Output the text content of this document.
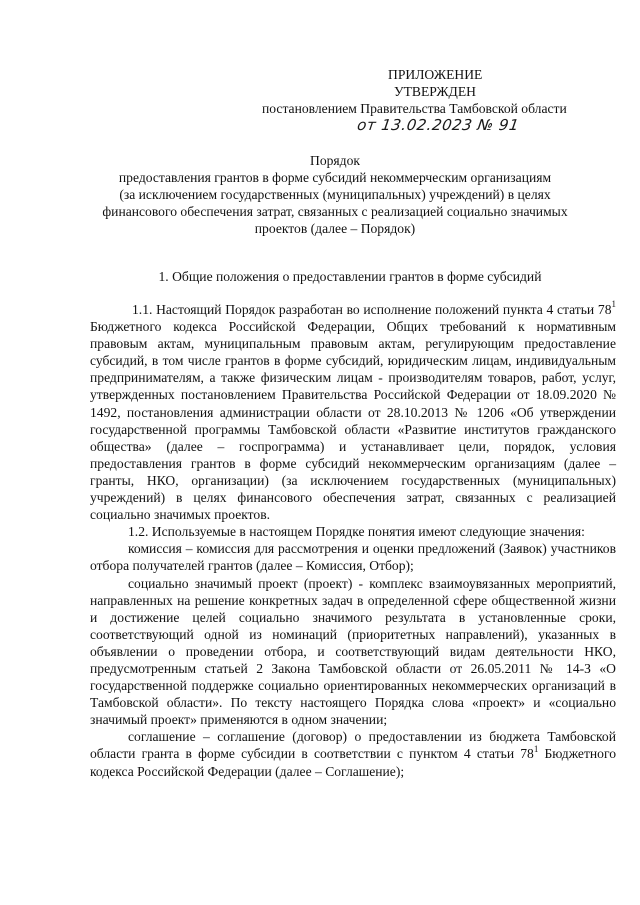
ПРИЛОЖЕНИЕ
УТВЕРЖДЕН
постановлением Правительства Тамбовской области
от 13.02.2023 № 91
Порядок
предоставления грантов в форме субсидий некоммерческим организациям
(за исключением государственных (муниципальных) учреждений) в целях
финансового обеспечения затрат, связанных с реализацией социально значимых
проектов (далее – Порядок)
1. Общие положения о предоставлении грантов в форме субсидий

1.1. Настоящий Порядок разработан во исполнение положений пункта 4 статьи $78^1$ Бюджетного кодекса Российской Федерации, Общих требований к нормативным правовым актам, муниципальным правовым актам, регулирующим предоставление субсидий, в том числе грантов в форме субсидий, юридическим лицам, индивидуальным предпринимателям, а также физическим лицам - производителям товаров, работ, услуг, утвержденных постановлением Правительства Российской Федерации от 18.09.2020 № 1492, постановления администрации области от 28.10.2013 № 1206 «Об утверждении государственной программы Тамбовской области «Развитие институтов гражданского общества» (далее – госпрограмма) и устанавливает цели, порядок, условия предоставления грантов в форме субсидий некоммерческим организациям (далее – гранты, НКО, организации) (за исключением государственных (муниципальных) учреждений) в целях финансового обеспечения затрат, связанных с реализацией социально значимых проектов.

1.2. Используемые в настоящем Порядке понятия имеют следующие значения:

комиссия – комиссия для рассмотрения и оценки предложений (Заявок) участников отбора получателей грантов (далее – Комиссия, Отбор);

социально значимый проект (проект) - комплекс взаимоувязанных мероприятий, направленных на решение конкретных задач в определенной сфере общественной жизни и достижение целей социально значимого результата в установленные сроки, соответствующий одной из номинаций (приоритетных направлений), указанных в объявлении о проведении отбора, и соответствующий видам деятельности НКО, предусмотренным статьей 2 Закона Тамбовской области от 26.05.2011 № 14-З «О государственной поддержке социально ориентированных некоммерческих организаций в Тамбовской области». По тексту настоящего Порядка слова «проект» и «социально значимый проект» применяются в одном значении;

соглашение – соглашение (договор) о предоставлении из бюджета Тамбовской области гранта в форме субсидии в соответствии с пунктом 4 статьи $78^1$ Бюджетного кодекса Российской Федерации (далее – Соглашение);
